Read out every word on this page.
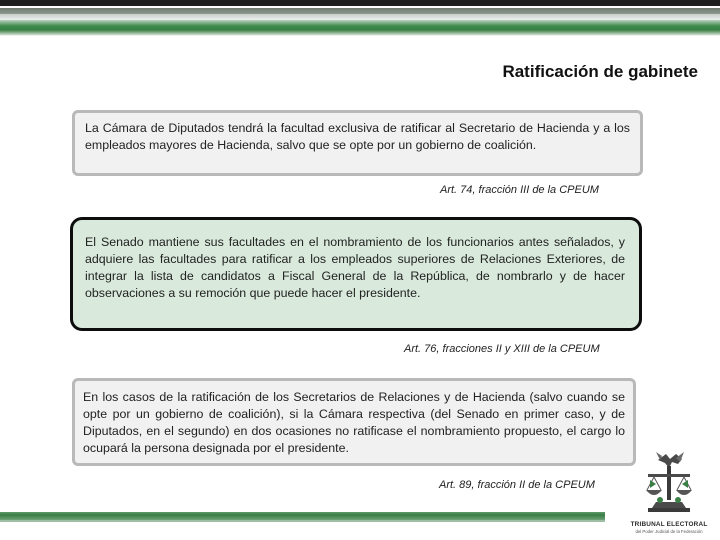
Ratificación de gabinete
La Cámara de Diputados tendrá la facultad exclusiva de ratificar al Secretario de Hacienda y a los empleados mayores de Hacienda, salvo que se opte por un gobierno de coalición.
Art. 74, fracción III de la CPEUM
El Senado mantiene sus facultades en el nombramiento de los funcionarios antes señalados, y adquiere las facultades para ratificar a los empleados superiores de Relaciones Exteriores, de integrar la lista de candidatos a Fiscal General de la República, de nombrarlo y de hacer observaciones a su remoción que puede hacer el presidente.
Art. 76, fracciones II y XIII de la CPEUM
En los casos de la ratificación de los Secretarios de Relaciones y de Hacienda (salvo cuando se opte por un gobierno de coalición), si la Cámara respectiva (del Senado en primer caso, y de Diputados, en el segundo) en dos ocasiones no ratificase el nombramiento propuesto, el cargo lo ocupará la persona designada por el presidente.
Art. 89, fracción II de la CPEUM
TRIBUNAL ELECTORAL
del Poder Judicial de la Federación
